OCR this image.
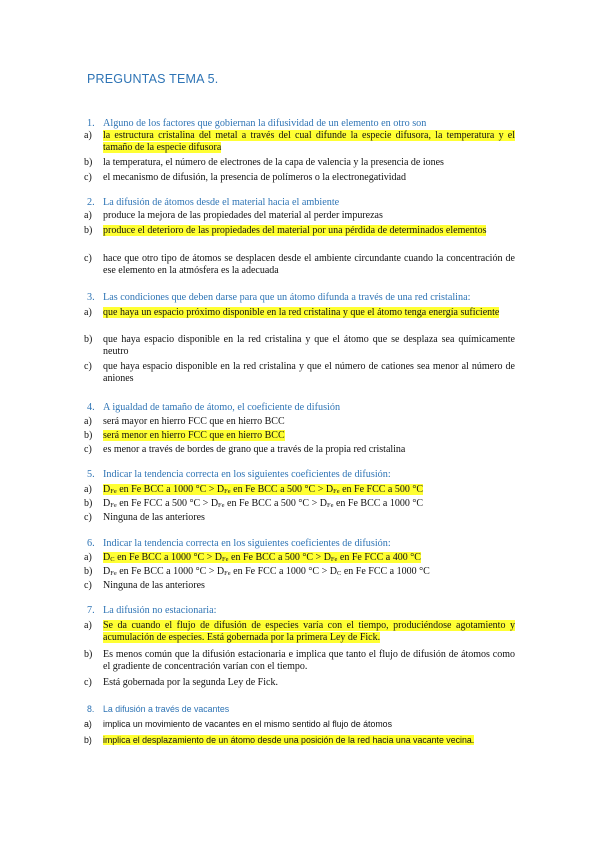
PREGUNTAS TEMA 5.
1. Alguno de los factores que gobiernan la difusividad de un elemento en otro son
a)	la estructura cristalina del metal a través del cual difunde la especie difusora, la temperatura y el tamaño de la especie difusora
b)	la temperatura, el número de electrones de la capa de valencia y la presencia de iones
c)	el mecanismo de difusión, la presencia de polímeros o la electronegatividad
2. La difusión de átomos desde el material hacia el ambiente
a)	produce la mejora de las propiedades del material al perder impurezas
b)	produce el deterioro de las propiedades del material por una pérdida de determinados elementos
c)	hace que otro tipo de átomos se desplacen desde el ambiente circundante cuando la concentración de ese elemento en la atmósfera es la adecuada
3. Las condiciones que deben darse para que un átomo difunda a través de una red cristalina:
a)	que haya un espacio próximo disponible en la red cristalina y que el átomo tenga energía suficiente
b)	que haya espacio disponible en la red cristalina y que el átomo que se desplaza sea químicamente neutro
c)	que haya espacio disponible en la red cristalina y que el número de cationes sea menor al número de aniones
4. A igualdad de tamaño de átomo, el coeficiente de difusión
a)	será mayor en hierro FCC que en hierro BCC
b)	será menor en hierro FCC que en hierro BCC
c)	es menor a través de bordes de grano que a través de la propia red cristalina
5. Indicar la tendencia correcta en los siguientes coeficientes de difusión:
a)	$D_{Fe}$ en Fe BCC a 1000 $^\circ C > D_{Fe}$ en Fe BCC a 500 $^\circ C > D_{Fe}$ en Fe FCC a 500 °C
b)	$D_{Fe}$ en Fe FCC a 500 $^\circ C > D_{Fe}$ en Fe BCC a 500 $^\circ C > D_{Fe}$ en Fe BCC a 1000 °C
c)	Ninguna de las anteriores
6. Indicar la tendencia correcta en los siguientes coeficientes de difusión:
a)	$D_C$ en Fe BCC a 1000 $^\circ C > D_{Fe}$ en Fe BCC a 500 $^\circ C > D_{Fe}$ en Fe FCC a 400 °C
b)	$D_{Fe}$ en Fe BCC a 1000 $^\circ C > D_{Fe}$ en Fe FCC a 1000 $^\circ C > D_C$ en Fe FCC a 1000 °C
c)	Ninguna de las anteriores
7. La difusión no estacionaria:
a)	Se da cuando el flujo de difusión de especies varía con el tiempo, produciéndose agotamiento y acumulación de especies. Está gobernada por la primera Ley de Fick.
b)	Es menos común que la difusión estacionaria e implica que tanto el flujo de difusión de átomos como el gradiente de concentración varían con el tiempo.
c)	Está gobernada por la segunda Ley de Fick.
8. La difusión a través de vacantes
a)	implica un movimiento de vacantes en el mismo sentido al flujo de átomos
b)	implica el desplazamiento de un átomo desde una posición de la red hacia una vacante vecina.
